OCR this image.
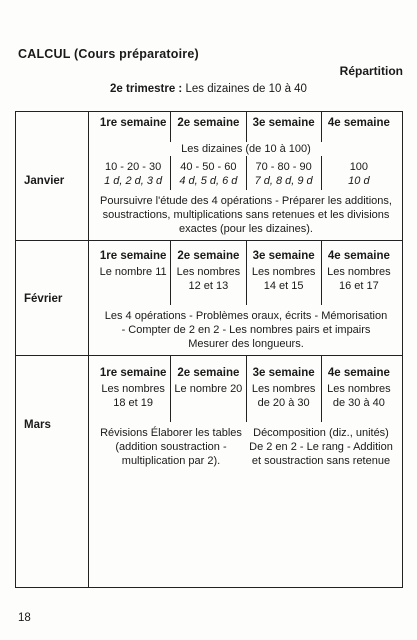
CALCUL (Cours préparatoire)
Répartition
2e trimestre : Les dizaines de 10 à 40
Janvier
1re semaine 2e semaine	3e semaine	4e semaine
Les dizaines (de 10 à 100)
10 - 20 - 30
1 d, 2 d, 3 d
40 - 50 - 60
4 d, 5 d, 6 d
70 - 80 - 90
7 d, 8 d, 9 d
100
10 d
Poursuivre l'étude des 4 opérations - Préparer les additions, soustractions, multiplications sans retenues et les divisions exactes (pour les dizaines).
Février
1re semaine
Le nombre 11
2e semaine
Les nombres 12 et 13
3e semaine
Les nombres 14 et 15
4e semaine
Les nombres 16 et 17
Les 4 opérations - Problèmes oraux, écrits - Mémorisation - Compter de 2 en 2 - Les nombres pairs et impairs Mesurer des longueurs.
Mars
1re semaine
Les nombres 18 et 19
2e semaine
Le nombre 20
3e semaine
Les nombres de 20 à 30
4e semaine
Les nombres de 30 à 40
Révisions Élaborer les tables (addition soustraction - multiplication par 2).
Décomposition (diz., unités) De 2 en 2 - Le rang - Addition et soustraction sans retenue
18
